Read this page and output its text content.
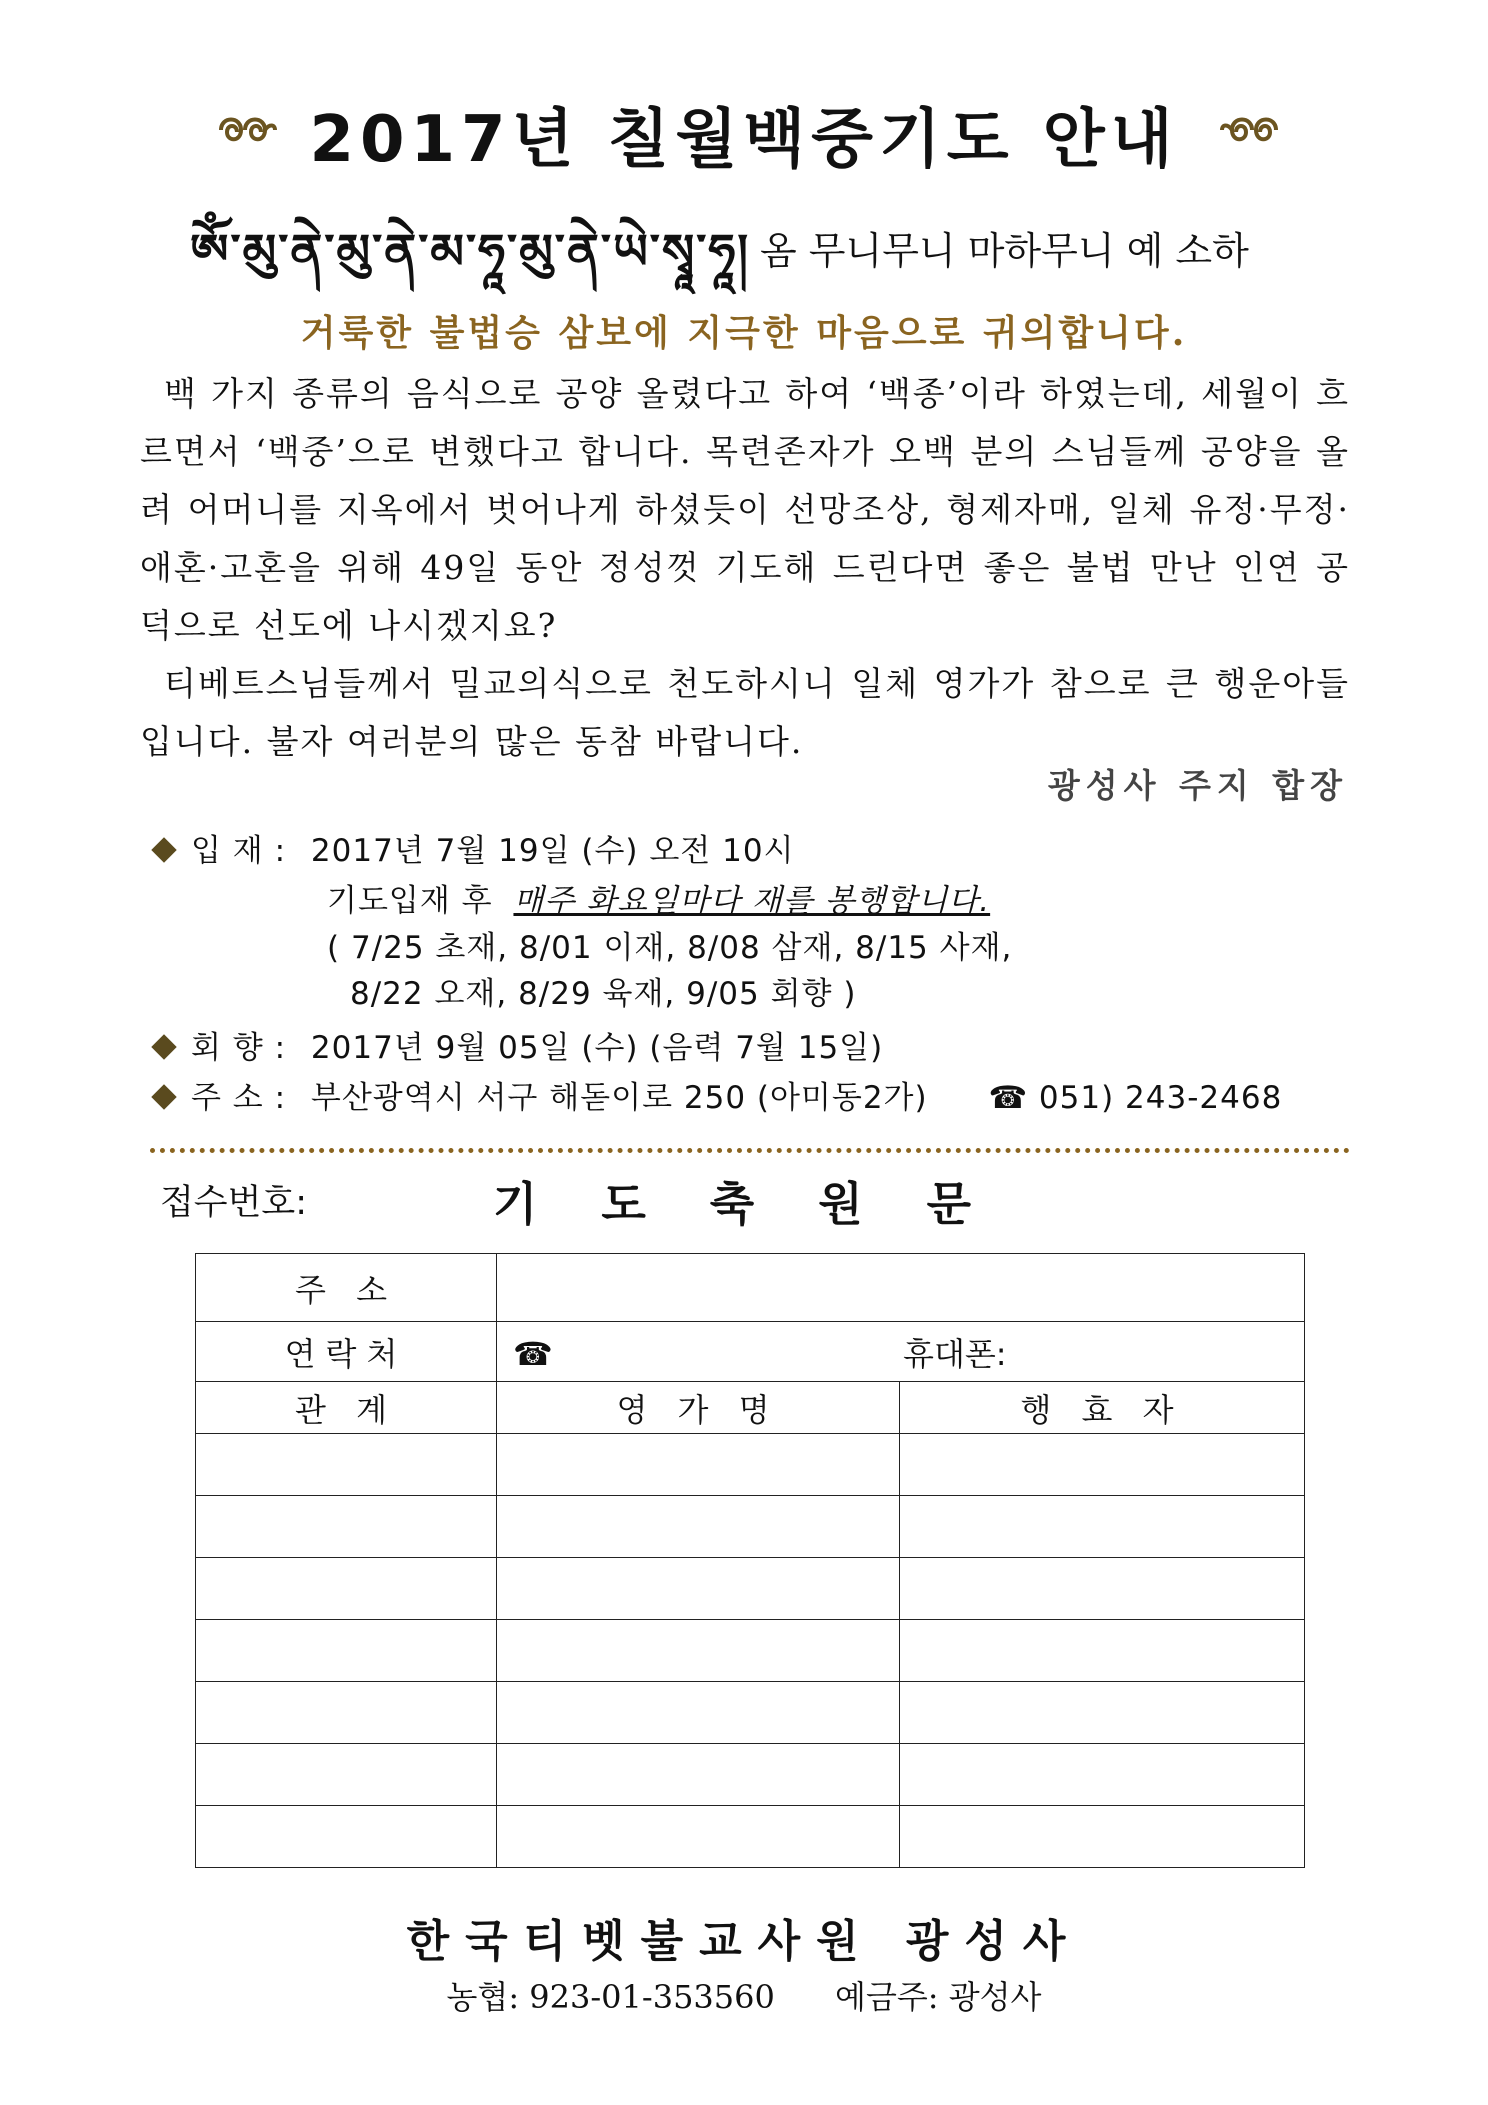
2017년 칠월백중기도 안내
ༀ་མུ་ནེ་མུ་ནེ་མ་ཧཱ་མུ་ནེ་ཡེ་སྭཱ་ཧཱ། 옴 무니무니 마하무니 예 소하
거룩한 불법승 삼보에 지극한 마음으로 귀의합니다.

백 가지 종류의 음식으로 공양 올렸다고 하여 ‘백종’이라 하였는데, 세월이 흐르면서 ‘백중’으로 변했다고 합니다. 목련존자가 오백 분의 스님들께 공양을 올려 어머니를 지옥에서 벗어나게 하셨듯이 선망조상, 형제자매, 일체 유정·무정·애혼·고혼을 위해 49일 동안 정성껏 기도해 드린다면 좋은 불법 만난 인연 공덕으로 선도에 나시겠지요?

티베트스님들께서 밀교의식으로 천도하시니 일체 영가가 참으로 큰 행운아들입니다. 불자 여러분의 많은 동참 바랍니다.

광성사 주지 합장
입 재 : 2017년 7월 19일 (수) 오전 10시
기도입재 후 매주 화요일마다 재를 봉행합니다.
( 7/25 초재, 8/01 이재, 8/08 삼재, 8/15 사재,
8/22 오재, 8/29 육재, 9/05 회향 )
회 향 : 2017년 9월 05일 (수) (음력 7월 15일)
주 소 : 부산광역시 서구 해돋이로 250 (아미동2가) ☎ 051) 243-2468
접수번호:	기 도 축 원 문
주 소		
연락처	☎ 휴대폰:	
관 계	영 가 명	행 효 자

한국티벳불교사원 광성사
농협: 923-01-353560 예금주: 광성사
